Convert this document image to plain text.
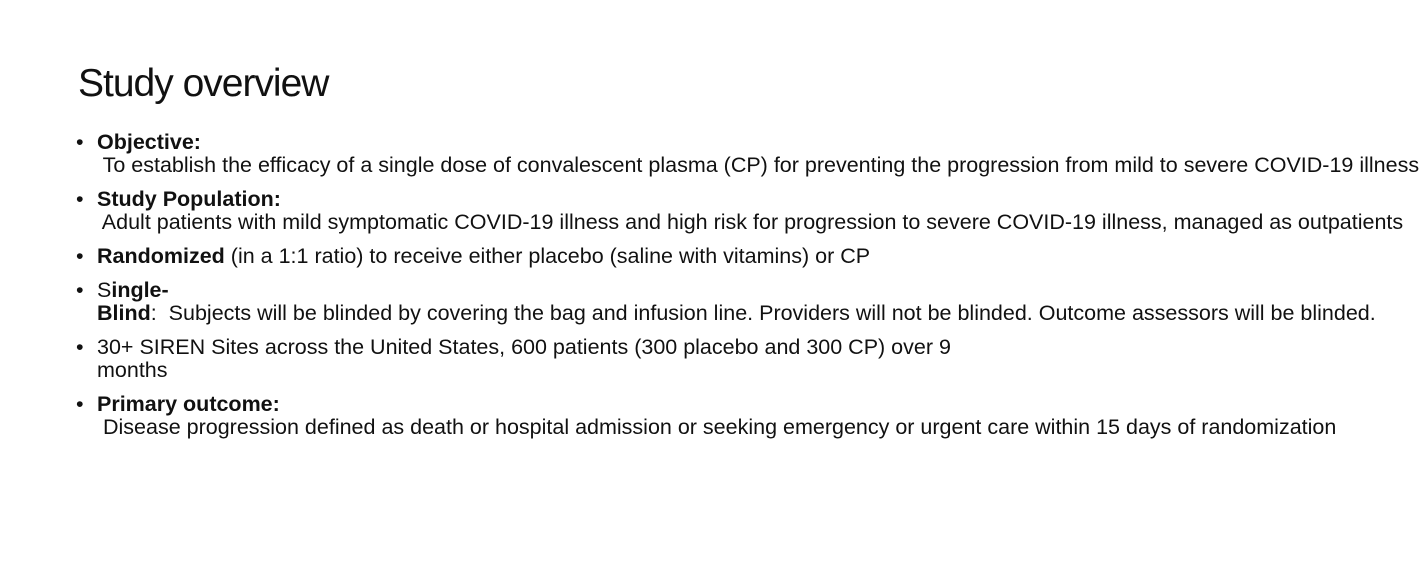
Study overview
• Objective: To establish the efficacy of a single dose of convalescent plasma (CP) for preventing the progression from mild to severe COVID-19 illness
• Study Population: Adult patients with mild symptomatic COVID-19 illness and high risk for progression to severe COVID-19 illness, managed as outpatients
• Randomized (in a 1:1 ratio) to receive either placebo (saline with vitamins) or CP
• Single-Blind:  Subjects will be blinded by covering the bag and infusion line. Providers will not be blinded. Outcome assessors will be blinded.
• 30+ SIREN Sites across the United States, 600 patients (300 placebo and 300 CP) over 9 months
• Primary outcome: Disease progression defined as death or hospital admission or seeking emergency or urgent care within 15 days of randomization
